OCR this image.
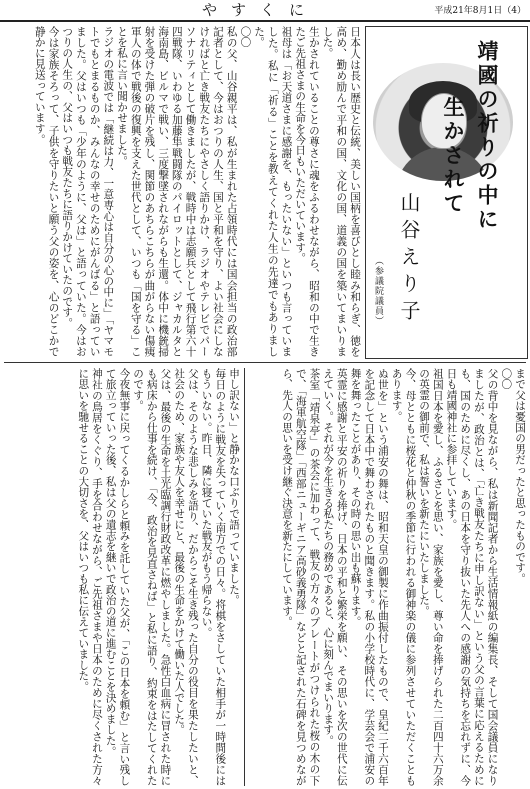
やすくに	平成21年8月1日（4）
靖國の祈りの中に
生かされて
山谷えり子
（参議院議員）
日本人は長い歴史と伝統、美しい国柄を喜びとし睦み和らぎ、徳を高め、勤め励んで平和の国、文化の国、道義の国を築いてまいりました。
生かされていることの尊さに魂をふるわせながら、昭和の中で生きたご先祖さまの生命を今日もいただいています。
祖母は「お天道さまに感謝を、もったいない」といつも言っていました。私に「祈る」ことを教えてくれた人生の先達でもありました。
〇〇
私の父、山谷親平は、私が生まれた占領時代には国会担当の政治部記者として、今はおつりの人生、国と平和を守り、よい社会にしなければと亡き戦友たちにやさしく語りかけ、ラジオやテレビでパーソナリティとして働きましたが、戦時中は志願兵として飛行第六十四戦隊、いわゆる加藤隼戦闘隊のパイロットとして、ジャカルタと海南島、ビルマで戦い、三度撃墜されながらも生還。体中に機銃掃射を受けた弾の破片を残し、関節のあちらこちらが曲がらない傷痍軍人の体で戦後の復興を支えた世代として、いつも「国を守る」ことを私に言い聞かせました。
ラジオの電波では「継続は力、一意専心は自分の心の中に」「ヤマモトでもとまるものか、みんなの幸せのためにがんばる」と語っていました。父はいつも「少年のように、父は」と語っていた。今はおつりの人生の、父はいつも戦友たちに語りかけていたのです。
今は家族そろって、子供を守りたいと願う父の姿を、心のどこかで静かに見送っています。
申し訳ない」と静かな口ぶりで語っていました。
毎日のように戦友を失っていく南方での日々。将棋をさしていた相手が一時間後にはもういない。昨日、隣に寝ていた戦友がもう帰らない。
父は、そのような悲しみを語り、だからこそ生き残った自分の役目を果たしたいと、社会のため、家族や友人を幸せにと、最後の生命をかけて働いた人でした。
父は、最後の生命を土光臨調行財政改革に燃やしました。急性白血病に冒された時にも病床から仕事を続け、「今、政治を見直さねば」と私に語り、約束をはたしてくれたのです。
今夜無事に戻ってくるかしらと頼みを託していた父が、「この日本を頼む」と言い残して旅立っていった後、私は父の遺志を継いで政治の道に進むことを決めました。
神社の鳥居をくぐり、手を合わせながら、ご先祖さまや日本のために尽くされた方々に思いを馳せることの大切さを、父はいつも私に伝えていました。	まで父は憂国の男だったと思ったものです。
〇〇
父の背中を見ながら、私は新聞記者から生活情報紙の編集長、そして国会議員になりましたが、政治とは、「亡き戦友たちに申し訳ない」という父の言葉に応えるためにも、国のために尽くし、あの日本を守り抜いた先人への感謝の気持ちを忘れずに、今日も靖國神社に参拝しています。
祖国日本を愛し、ふるさとを思い、家族を愛し、尊い命を捧げられた二百四十六万余の英霊の御前で、私は誓いを新たにいたしました。
今、母とともに桜花と仲秋の季節に行われる御神楽の儀に参列させていただくこともあります。
ぬ世を」という浦安の舞は、昭和天皇の御製に作曲振付したもので、皇紀二千六百年を記念して日本中で舞わされたものと聞きます。私の小学校時代に、学芸会で浦安の舞を舞ったことがあり、その時の思い出も蘇ります。
英霊に感謝と平安の祈りを捧げ、日本の平和と繁栄を願い、その思いを次の世代に伝えていく。それが今を生きる私たちの務めであると、心に刻んでまいります。
茶室「靖泉亭」の茶会に加わって、戦友の方々のプレートがつけられた桜の木の下で、「海軍航空隊」「西部ニューギニア高砂義勇隊」などと記された石碑を見つめながら、先人の思いを受け継ぐ決意を新たにしています。
